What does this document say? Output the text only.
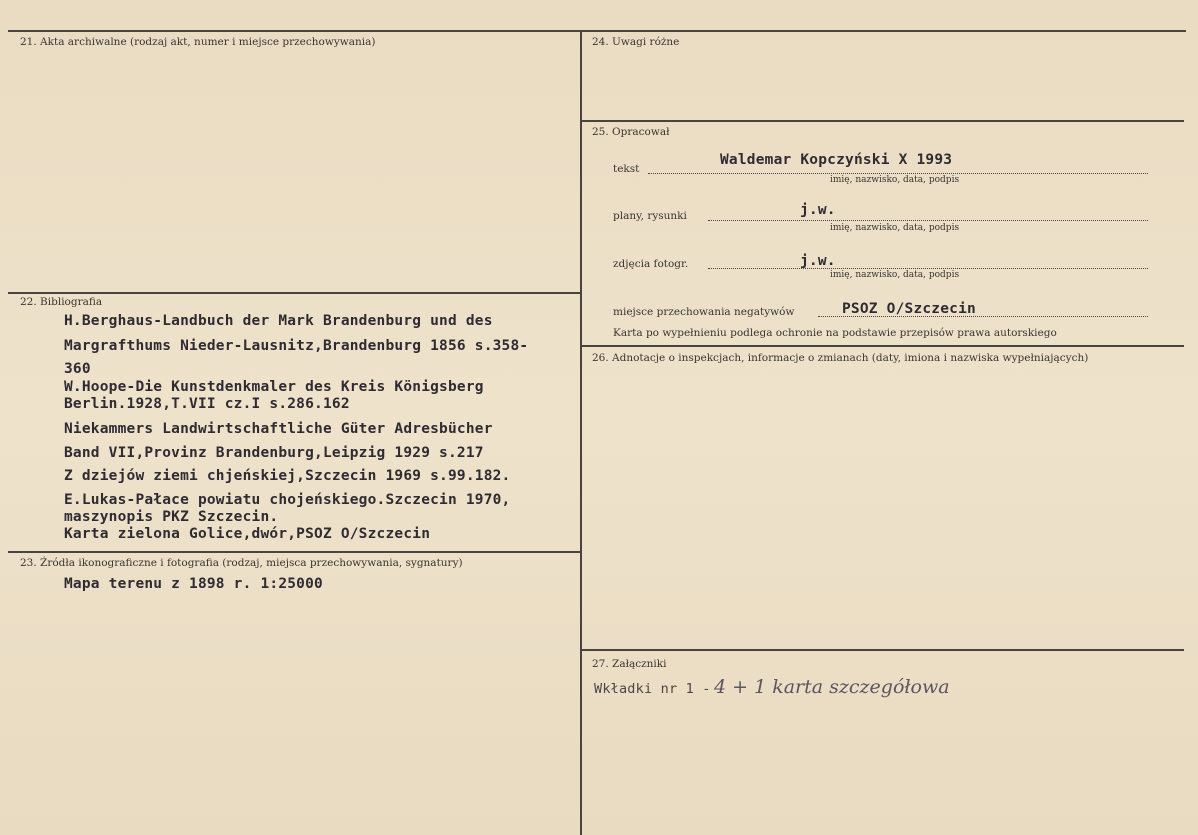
21. Akta archiwalne (rodzaj akt, numer i miejsce przechowywania)
22. Bibliografia
H.Berghaus-Landbuch der Mark Brandenburg und des
Margrafthums Nieder-Lausnitz,Brandenburg 1856 s.358-
360
W.Hoope-Die Kunstdenkmaler des Kreis Königsberg
Berlin.1928,T.VII cz.I s.286.162
Niekammers Landwirtschaftliche Güter Adresbücher
Band VII,Provinz Brandenburg,Leipzig 1929 s.217
Z dziejów ziemi chjeńskiej,Szczecin 1969 s.99.182.
E.Lukas-Pałace powiatu chojeńskiego.Szczecin 1970,
maszynopis PKZ Szczecin.
Karta zielona Golice,dwór,PSOZ O/Szczecin
23. Źródła ikonograficzne i fotografia (rodzaj, miejsca przechowywania, sygnatury)
Mapa terenu z 1898 r. 1:25000
24. Uwagi różne
25. Opracował
tekst
Waldemar Kopczyński X 1993
imię, nazwisko, data, podpis
plany, rysunki	j.w.
imię, nazwisko, data, podpis
zdjęcia fotogr.	j.w.
imię, nazwisko, data, podpis
miejsce przechowania negatywów	PSOZ O/Szczecin
Karta po wypełnieniu podlega ochronie na podstawie przepisów prawa autorskiego
26. Adnotacje o inspekcjach, informacje o zmianach (daty, imiona i nazwiska wypełniających)
27. Załączniki
Wkładki nr 1 - 4 + 1 karta szczegółowa
